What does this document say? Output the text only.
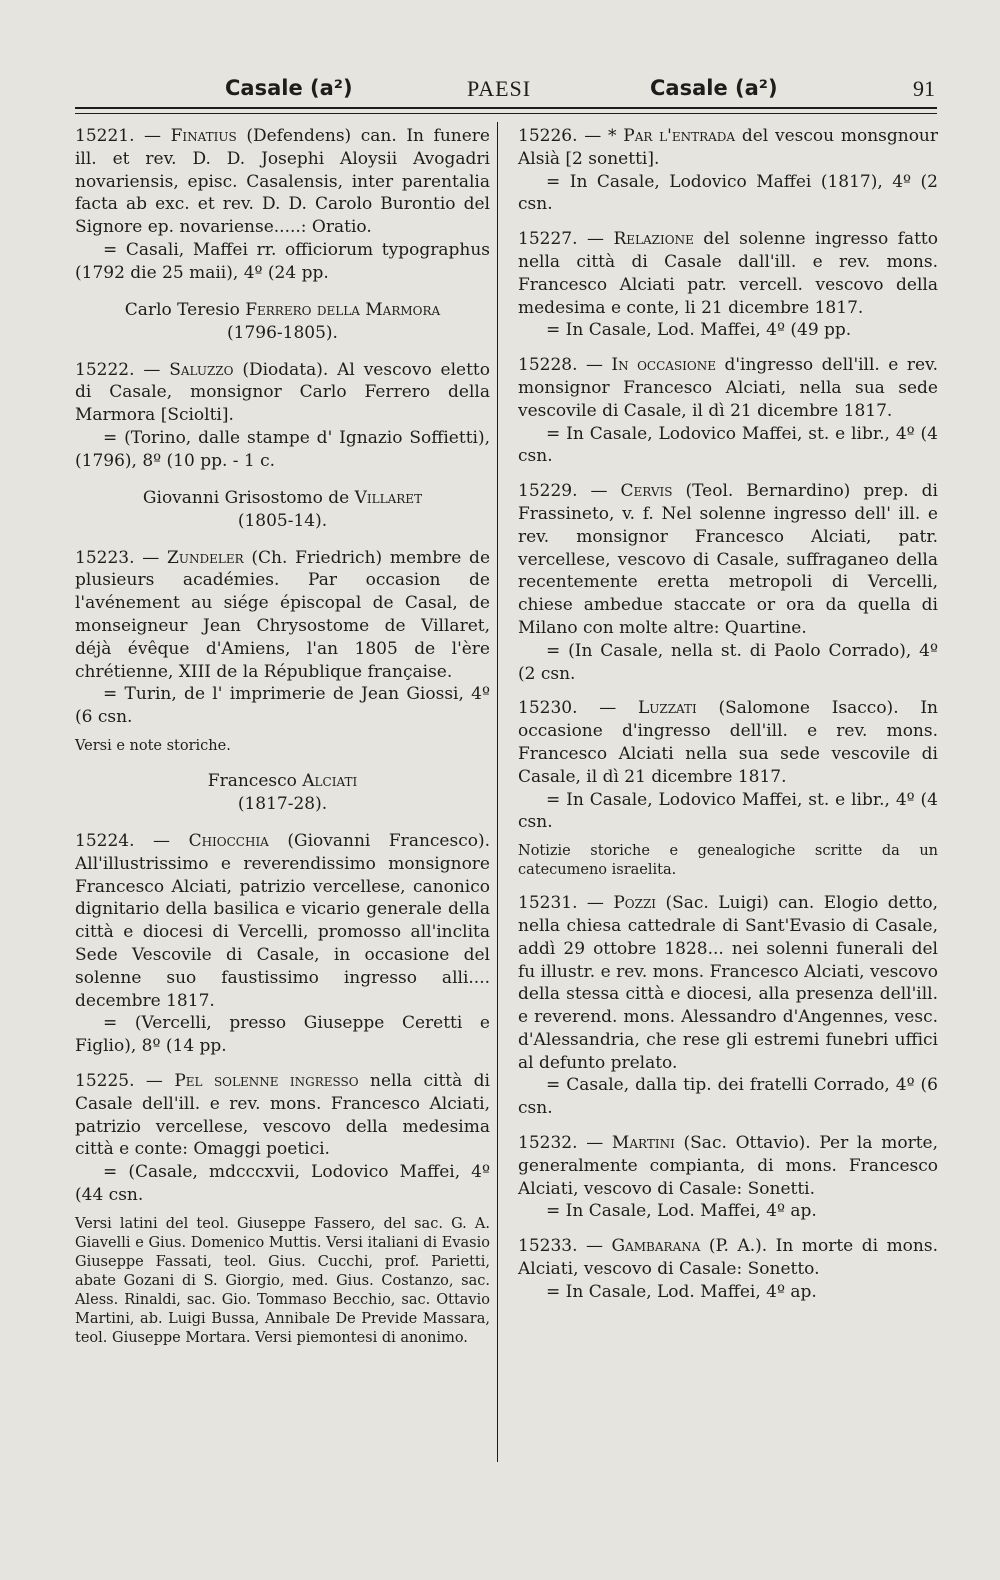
Casale (a²)	PAESI	Casale (a²)	91

15221. — Finatius (Defendens) can. In funere ill. et rev. D. D. Josephi Aloysii Avogadri novariensis, episc. Casalensis, inter parentalia facta ab exc. et rev. D. D. Carolo Burontio del Signore ep. novariense.....: Oratio.

= Casali, Maffei rr. officiorum typographus (1792 die 25 maii), 4º (24 pp.

Carlo Teresio Ferrero della Marmora
(1796-1805).

15222. — Saluzzo (Diodata). Al vescovo eletto di Casale, monsignor Carlo Ferrero della Marmora [Sciolti].

= (Torino, dalle stampe d' Ignazio Soffietti), (1796), 8º (10 pp. - 1 c.

Giovanni Grisostomo de Villaret
(1805-14).

15223. — Zundeler (Ch. Friedrich) membre de plusieurs académies. Par occasion de l'avénement au siége épiscopal de Casal, de monseigneur Jean Chrysostome de Villaret, déjà évêque d'Amiens, l'an 1805 de l'ère chrétienne, XIII de la République française.

= Turin, de l' imprimerie de Jean Giossi, 4º (6 csn.

Versi e note storiche.
Francesco Alciati
(1817-28).

15224. — Chiocchia (Giovanni Francesco). All'illustrissimo e reverendissimo monsignore Francesco Alciati, patrizio vercellese, canonico dignitario della basilica e vicario generale della città e diocesi di Vercelli, promosso all'inclita Sede Vescovile di Casale, in occasione del solenne suo faustissimo ingresso alli.... decembre 1817.

= (Vercelli, presso Giuseppe Ceretti e Figlio), 8º (14 pp.

15225. — Pel solenne ingresso nella città di Casale dell'ill. e rev. mons. Francesco Alciati, patrizio vercellese, vescovo della medesima città e conte: Omaggi poetici.

= (Casale, mdcccxvii, Lodovico Maffei, 4º (44 csn.

Versi latini del teol. Giuseppe Fassero, del sac. G. A. Giavelli e Gius. Domenico Muttis. Versi italiani di Evasio Giuseppe Fassati, teol. Gius. Cucchi, prof. Parietti, abate Gozani di S. Giorgio, med. Gius. Costanzo, sac. Aless. Rinaldi, sac. Gio. Tommaso Becchio, sac. Ottavio Martini, ab. Luigi Bussa, Annibale De Previde Massara, teol. Giuseppe Mortara. Versi piemontesi di anonimo.

15226. — * Par l'entrada del vescou monsgnour Alsià [2 sonetti].

= In Casale, Lodovico Maffei (1817), 4º (2 csn.

15227. — Relazione del solenne ingresso fatto nella città di Casale dall'ill. e rev. mons. Francesco Alciati patr. vercell. vescovo della medesima e conte, li 21 dicembre 1817.

= In Casale, Lod. Maffei, 4º (49 pp.

15228. — In occasione d'ingresso dell'ill. e rev. monsignor Francesco Alciati, nella sua sede vescovile di Casale, il dì 21 dicembre 1817.

= In Casale, Lodovico Maffei, st. e libr., 4º (4 csn.

15229. — Cervis (Teol. Bernardino) prep. di Frassineto, v. f. Nel solenne ingresso dell' ill. e rev. monsignor Francesco Alciati, patr. vercellese, vescovo di Casale, suffraganeo della recentemente eretta metropoli di Vercelli, chiese ambedue staccate or ora da quella di Milano con molte altre: Quartine.

= (In Casale, nella st. di Paolo Corrado), 4º (2 csn.

15230. — Luzzati (Salomone Isacco). In occasione d'ingresso dell'ill. e rev. mons. Francesco Alciati nella sua sede vescovile di Casale, il dì 21 dicembre 1817.

= In Casale, Lodovico Maffei, st. e libr., 4º (4 csn.

Notizie storiche e genealogiche scritte da un catecumeno israelita.

15231. — Pozzi (Sac. Luigi) can. Elogio detto, nella chiesa cattedrale di Sant'Evasio di Casale, addì 29 ottobre 1828... nei solenni funerali del fu illustr. e rev. mons. Francesco Alciati, vescovo della stessa città e diocesi, alla presenza dell'ill. e reverend. mons. Alessandro d'Angennes, vesc. d'Alessandria, che rese gli estremi funebri uffici al defunto prelato.

= Casale, dalla tip. dei fratelli Corrado, 4º (6 csn.

15232. — Martini (Sac. Ottavio). Per la morte, generalmente compianta, di mons. Francesco Alciati, vescovo di Casale: Sonetti.

= In Casale, Lod. Maffei, 4º ap.

15233. — Gambarana (P. A.). In morte di mons. Alciati, vescovo di Casale: Sonetto.

= In Casale, Lod. Maffei, 4º ap.
